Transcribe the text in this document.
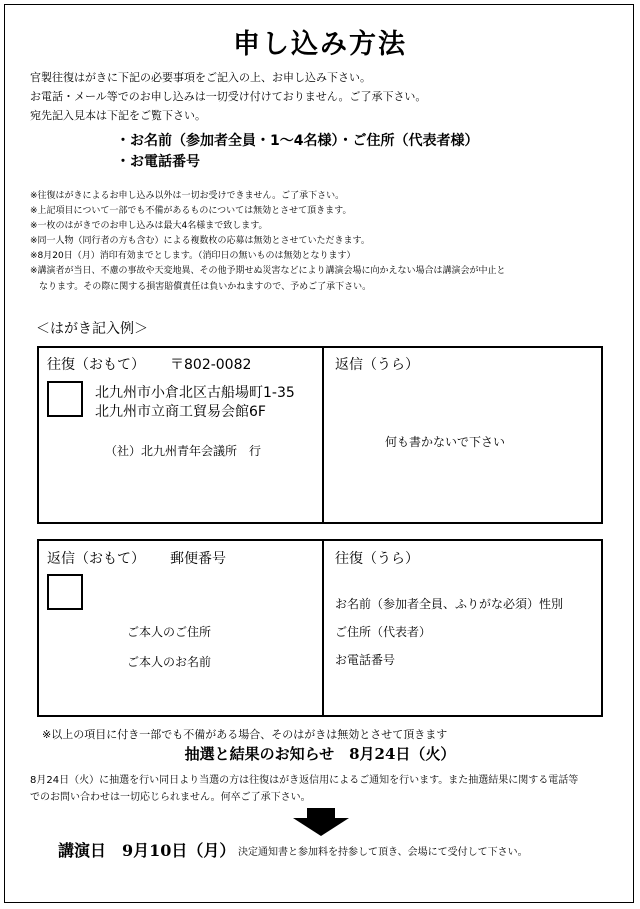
申し込み方法
官製往復はがきに下記の必要事項をご記入の上、お申し込み下さい。
お電話・メール等でのお申し込みは一切受け付けておりません。ご了承下さい。
宛先記入見本は下記をご覧下さい。
・お名前（参加者全員・1～4名様）・ご住所（代表者様）
・お電話番号
※往復はがきによるお申し込み以外は一切お受けできません。ご了承下さい。
※上記項目について一部でも不備があるものについては無効とさせて頂きます。
※一枚のはがきでのお申し込みは最大4名様まで致します。
※同一人物（同行者の方も含む）による複数枚の応募は無効とさせていただきます。
※8月20日（月）消印有効までとします。（消印日の無いものは無効となります）
※講演者が当日、不慮の事故や天変地異、その他予期せぬ災害などにより講演会場に向かえない場合は講演会が中止と
なります。その際に関する損害賠償責任は負いかねますので、予めご了承下さい。
＜はがき記入例＞
往復（おもて） 〒802-0082
北九州市小倉北区古船場町1-35
北九州市立商工貿易会館6F
（社）北九州青年会議所　行
返信（うら）
何も書かないで下さい
返信（おもて） 郵便番号
ご本人のご住所
ご本人のお名前
往復（うら）
お名前（参加者全員、ふりがな必須）性別
ご住所（代表者）
お電話番号
※以上の項目に付き一部でも不備がある場合、そのはがきは無効とさせて頂きます
抽選と結果のお知らせ　8月24日（火）
8月24日（火）に抽選を行い同日より当選の方は往復はがき返信用によるご通知を行います。また抽選結果に関する電話等
でのお問い合わせは一切応じられません。何卒ご了承下さい。
講演日　9月10日（月） 決定通知書と参加料を持参して頂き、会場にて受付して下さい。
